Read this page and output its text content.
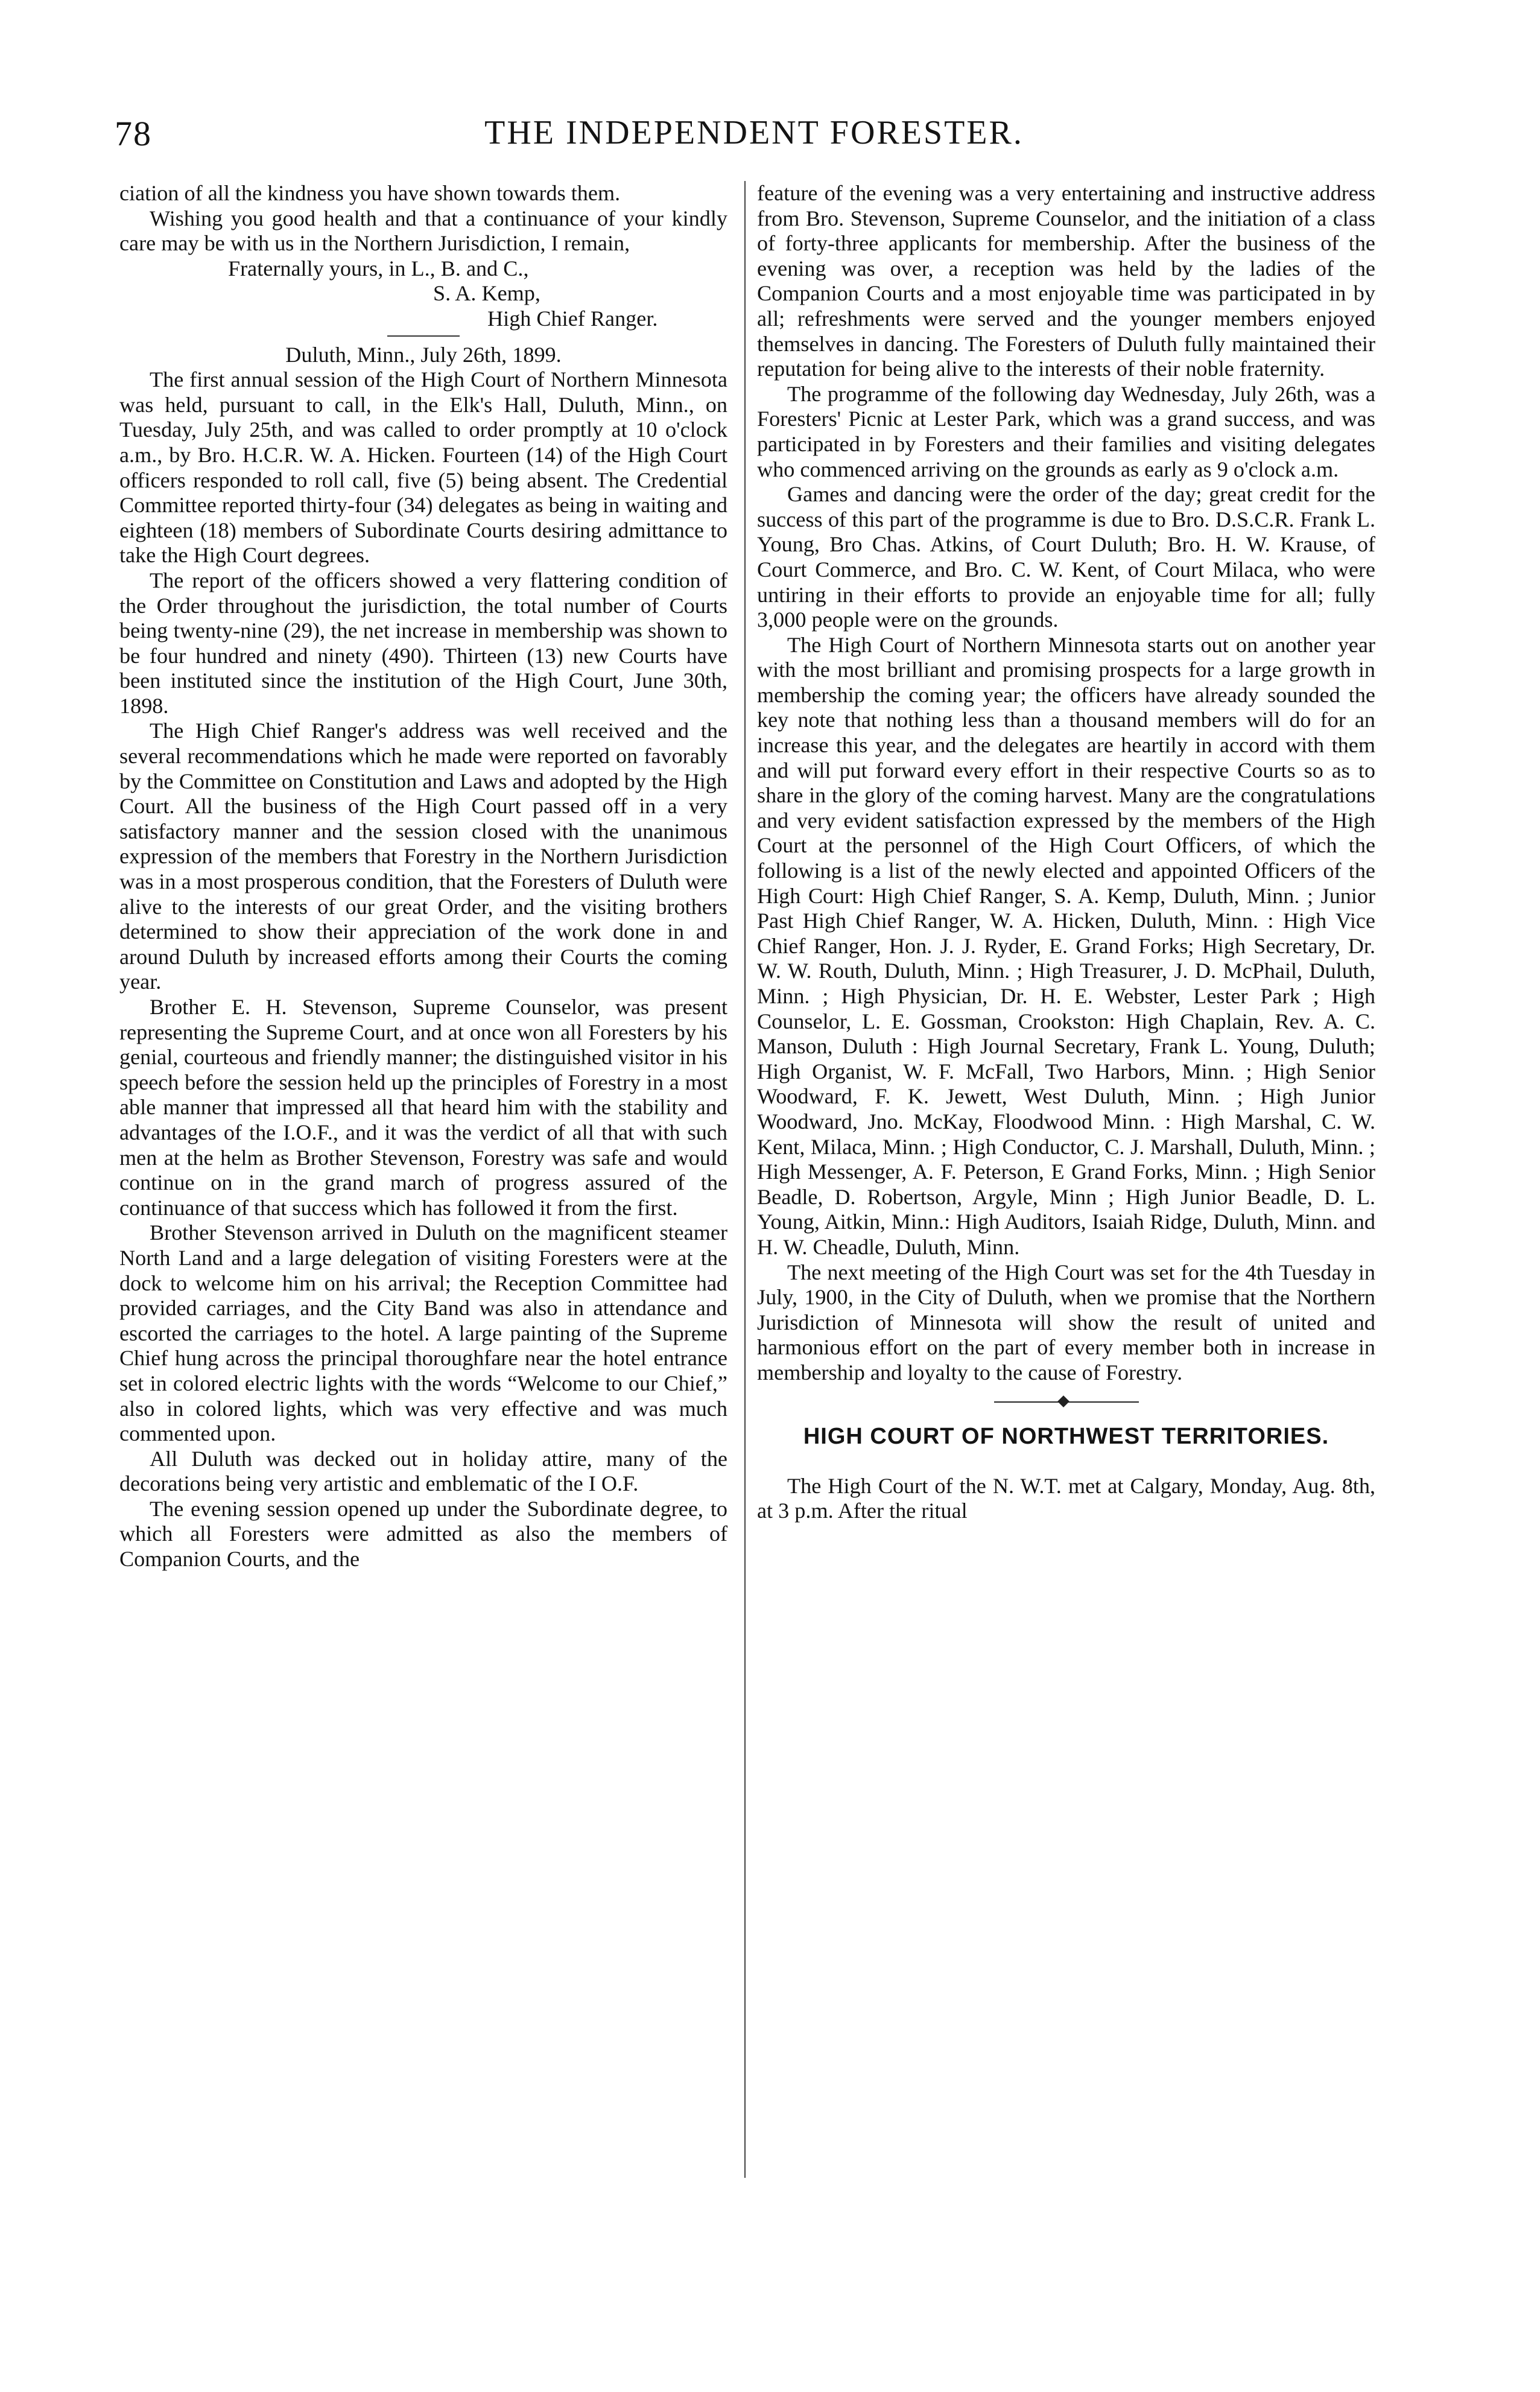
78	THE INDEPENDENT FORESTER.

ciation of all the kindness you have shown towards them.

Wishing you good health and that a continuance of your kindly care may be with us in the Northern Jurisdiction, I remain,

Fraternally yours, in L., B. and C.,

S. A. Kemp,

High Chief Ranger.

Duluth, Minn., July 26th, 1899.

The first annual session of the High Court of Northern Minnesota was held, pursuant to call, in the Elk's Hall, Duluth, Minn., on Tuesday, July 25th, and was called to order promptly at 10 o'clock a.m., by Bro. H.C.R. W. A. Hicken. Fourteen (14) of the High Court officers responded to roll call, five (5) being absent. The Credential Committee reported thirty-four (34) delegates as being in waiting and eighteen (18) members of Subordinate Courts desiring admittance to take the High Court degrees.

The report of the officers showed a very flattering condition of the Order throughout the jurisdiction, the total number of Courts being twenty-nine (29), the net increase in membership was shown to be four hundred and ninety (490). Thirteen (13) new Courts have been instituted since the institution of the High Court, June 30th, 1898.

The High Chief Ranger's address was well received and the several recommendations which he made were reported on favorably by the Committee on Constitution and Laws and adopted by the High Court. All the business of the High Court passed off in a very satisfactory manner and the session closed with the unanimous expression of the members that Forestry in the Northern Jurisdiction was in a most prosperous condition, that the Foresters of Duluth were alive to the interests of our great Order, and the visiting brothers determined to show their appreciation of the work done in and around Duluth by increased efforts among their Courts the coming year.

Brother E. H. Stevenson, Supreme Counselor, was present representing the Supreme Court, and at once won all Foresters by his genial, courteous and friendly manner; the distinguished visitor in his speech before the session held up the principles of Forestry in a most able manner that impressed all that heard him with the stability and advantages of the I.O.F., and it was the verdict of all that with such men at the helm as Brother Stevenson, Forestry was safe and would continue on in the grand march of progress assured of the continuance of that success which has followed it from the first.

Brother Stevenson arrived in Duluth on the magnificent steamer North Land and a large delegation of visiting Foresters were at the dock to welcome him on his arrival; the Reception Committee had provided carriages, and the City Band was also in attendance and escorted the carriages to the hotel. A large painting of the Supreme Chief hung across the principal thoroughfare near the hotel entrance set in colored electric lights with the words “Welcome to our Chief,” also in colored lights, which was very effective and was much commented upon.

All Duluth was decked out in holiday attire, many of the decorations being very artistic and emblematic of the I O.F.

The evening session opened up under the Subordinate degree, to which all Foresters were admitted as also the members of Companion Courts, and the

feature of the evening was a very entertaining and instructive address from Bro. Stevenson, Supreme Counselor, and the initiation of a class of forty-three applicants for membership. After the business of the evening was over, a reception was held by the ladies of the Companion Courts and a most enjoyable time was participated in by all; refreshments were served and the younger members enjoyed themselves in dancing. The Foresters of Duluth fully maintained their reputation for being alive to the interests of their noble fraternity.

The programme of the following day Wednesday, July 26th, was a Foresters' Picnic at Lester Park, which was a grand success, and was participated in by Foresters and their families and visiting delegates who commenced arriving on the grounds as early as 9 o'clock a.m.

Games and dancing were the order of the day; great credit for the success of this part of the programme is due to Bro. D.S.C.R. Frank L. Young, Bro Chas. Atkins, of Court Duluth; Bro. H. W. Krause, of Court Commerce, and Bro. C. W. Kent, of Court Milaca, who were untiring in their efforts to provide an enjoyable time for all; fully 3,000 people were on the grounds.

The High Court of Northern Minnesota starts out on another year with the most brilliant and promising prospects for a large growth in membership the coming year; the officers have already sounded the key note that nothing less than a thousand members will do for an increase this year, and the delegates are heartily in accord with them and will put forward every effort in their respective Courts so as to share in the glory of the coming harvest. Many are the congratulations and very evident satisfaction expressed by the members of the High Court at the personnel of the High Court Officers, of which the following is a list of the newly elected and appointed Officers of the High Court: High Chief Ranger, S. A. Kemp, Duluth, Minn. ; Junior Past High Chief Ranger, W. A. Hicken, Duluth, Minn. : High Vice Chief Ranger, Hon. J. J. Ryder, E. Grand Forks; High Secretary, Dr. W. W. Routh, Duluth, Minn. ; High Treasurer, J. D. McPhail, Duluth, Minn. ; High Physician, Dr. H. E. Webster, Lester Park ; High Counselor, L. E. Gossman, Crookston: High Chaplain, Rev. A. C. Manson, Duluth : High Journal Secretary, Frank L. Young, Duluth; High Organist, W. F. McFall, Two Harbors, Minn. ; High Senior Woodward, F. K. Jewett, West Duluth, Minn. ; High Junior Woodward, Jno. McKay, Floodwood Minn. : High Marshal, C. W. Kent, Milaca, Minn. ; High Conductor, C. J. Marshall, Duluth, Minn. ; High Messenger, A. F. Peterson, E Grand Forks, Minn. ; High Senior Beadle, D. Robertson, Argyle, Minn ; High Junior Beadle, D. L. Young, Aitkin, Minn.: High Auditors, Isaiah Ridge, Duluth, Minn. and H. W. Cheadle, Duluth, Minn.

The next meeting of the High Court was set for the 4th Tuesday in July, 1900, in the City of Duluth, when we promise that the Northern Jurisdiction of Minnesota will show the result of united and harmonious effort on the part of every member both in increase in membership and loyalty to the cause of Forestry.

HIGH COURT OF NORTHWEST TERRITORIES.

The High Court of the N. W.T. met at Calgary, Monday, Aug. 8th, at 3 p.m. After the ritual
